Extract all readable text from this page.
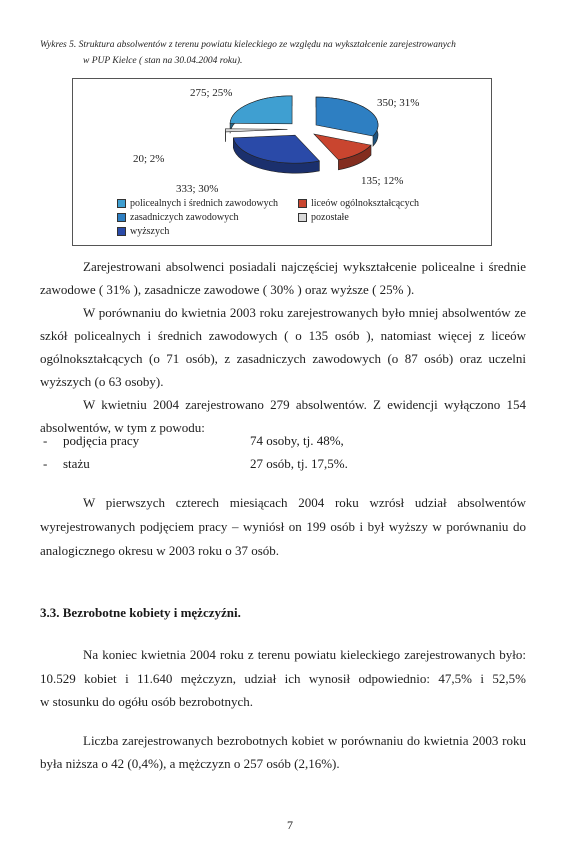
Wykres 5. Struktura absolwentów z terenu powiatu kieleckiego ze względu na wykształcenie zarejestrowanych
w PUP Kielce ( stan na 30.04.2004 roku).
275; 25%
350; 31%
20; 2%
135; 12%
333; 30%
policealnych i średnich zawodowych	liceów ogólnokształcących
zasadniczych zawodowych	pozostałe
wyższych
Zarejestrowani absolwenci posiadali najczęściej wykształcenie policealne i średnie
zawodowe ( 31% ), zasadnicze zawodowe ( 30% ) oraz wyższe ( 25% ).
W porównaniu do kwietnia 2003 roku zarejestrowanych było mniej absolwentów ze
szkół policealnych i średnich zawodowych ( o 135 osób ), natomiast więcej z liceów
ogólnokształcących (o 71 osób), z zasadniczych zawodowych (o 87 osób) oraz uczelni
wyższych (o 63 osoby).
W kwietniu 2004 zarejestrowano 279 absolwentów. Z ewidencji wyłączono 154
absolwentów, w tym z powodu:
- podjęcia pracy	74 osoby, tj. 48%,
- stażu	27 osób, tj. 17,5%.
W pierwszych czterech miesiącach 2004 roku wzrósł udział absolwentów
wyrejestrowanych podjęciem pracy – wyniósł on 199 osób i był wyższy w porównaniu do
analogicznego okresu w 2003 roku o 37 osób.
3.3. Bezrobotne kobiety i mężczyźni.
Na koniec kwietnia 2004 roku z terenu powiatu kieleckiego zarejestrowanych było:
10.529 kobiet i 11.640 mężczyzn, udział ich wynosił odpowiednio: 47,5% i 52,5%
w stosunku do ogółu osób bezrobotnych.
Liczba zarejestrowanych bezrobotnych kobiet w porównaniu do kwietnia 2003 roku
była niższa o 42 (0,4%), a mężczyzn o 257 osób (2,16%).
7
